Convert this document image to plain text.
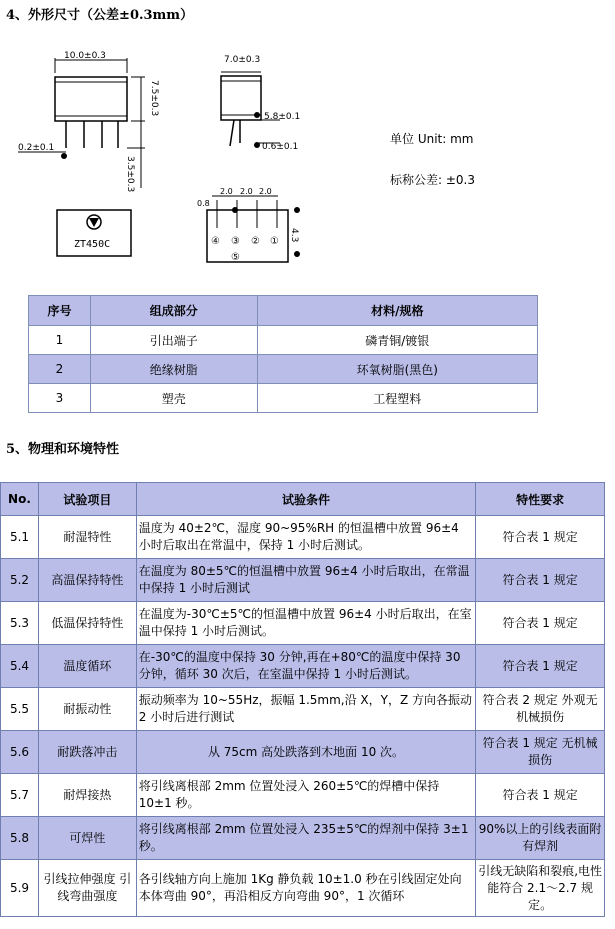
4、外形尺寸（公差±0.3mm）
10.0±0.3
7.5±0.3
0.2±0.1
3.5±0.3
7.0±0.3
5.8±0.1
0.6±0.1
ZT450C
2.0 2.0 2.0
0.8
4.3
④ ③ ② ①
⑤
单位 Unit: mm
标称公差: ±0.3
序号	组成部分	材料/规格
1	引出端子	磷青铜/镀银
2	绝缘树脂	环氧树脂(黑色)
3	塑壳	工程塑料
5、物理和环境特性
No.	试验项目	试验条件	特性要求
5.1	耐湿特性	温度为 40±2℃，湿度 90~95%RH 的恒温槽中放置 96±4 小时后取出在常温中，保持 1 小时后测试。	符合表 1 规定
5.2	高温保持特性	在温度为 80±5℃的恒温槽中放置 96±4 小时后取出，在常温中保持 1 小时后测试	符合表 1 规定
5.3	低温保持特性	在温度为-30℃±5℃的恒温槽中放置 96±4 小时后取出，在室温中保持 1 小时后测试。	符合表 1 规定
5.4	温度循环	在-30℃的温度中保持 30 分钟,再在+80℃的温度中保持 30 分钟，循环 30 次后，在室温中保持 1 小时后测试。	符合表 1 规定
5.5	耐振动性	振动频率为 10~55Hz，振幅 1.5mm,沿 X，Y，Z 方向各振动 2 小时后进行测试	符合表 2 规定 外观无机械损伤
5.6	耐跌落冲击	从 75cm 高处跌落到木地面 10 次。	符合表 1 规定 无机械损伤
5.7	耐焊接热	将引线离根部 2mm 位置处浸入 260±5℃的焊槽中保持 10±1 秒。	符合表 1 规定
5.8	可焊性	将引线离根部 2mm 位置处浸入 235±5℃的焊剂中保持 3±1 秒。	90%以上的引线表面附有焊剂
5.9	引线拉伸强度 引线弯曲强度	各引线轴方向上施加 1Kg 静负载 10±1.0 秒在引线固定处向本体弯曲 90°，再沿相反方向弯曲 90°，1 次循环	引线无缺陷和裂痕,电性能符合 2.1～2.7 规定。
